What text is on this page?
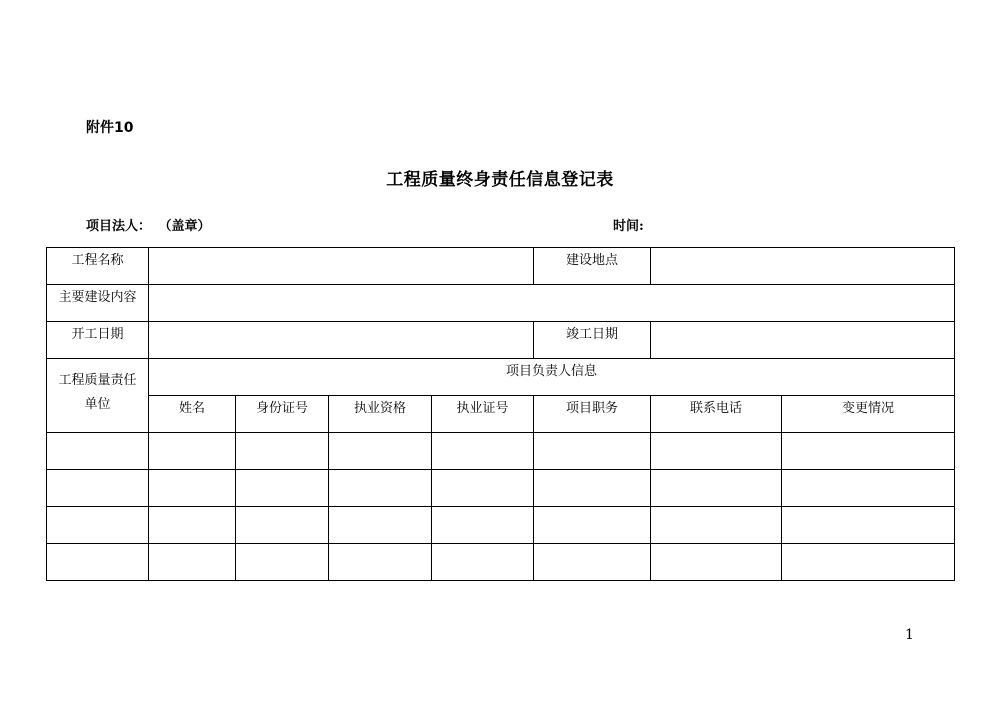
附件10
工程质量终身责任信息登记表
项目法人： （盖章）	时间:
工程名称					建设地点		
主要建设内容							
开工日期					竣工日期		
工程质量责任
单位	项目负责人信息						
	姓名	身份证号	执业资格	执业证号	项目职务	联系电话	变更情况

1
